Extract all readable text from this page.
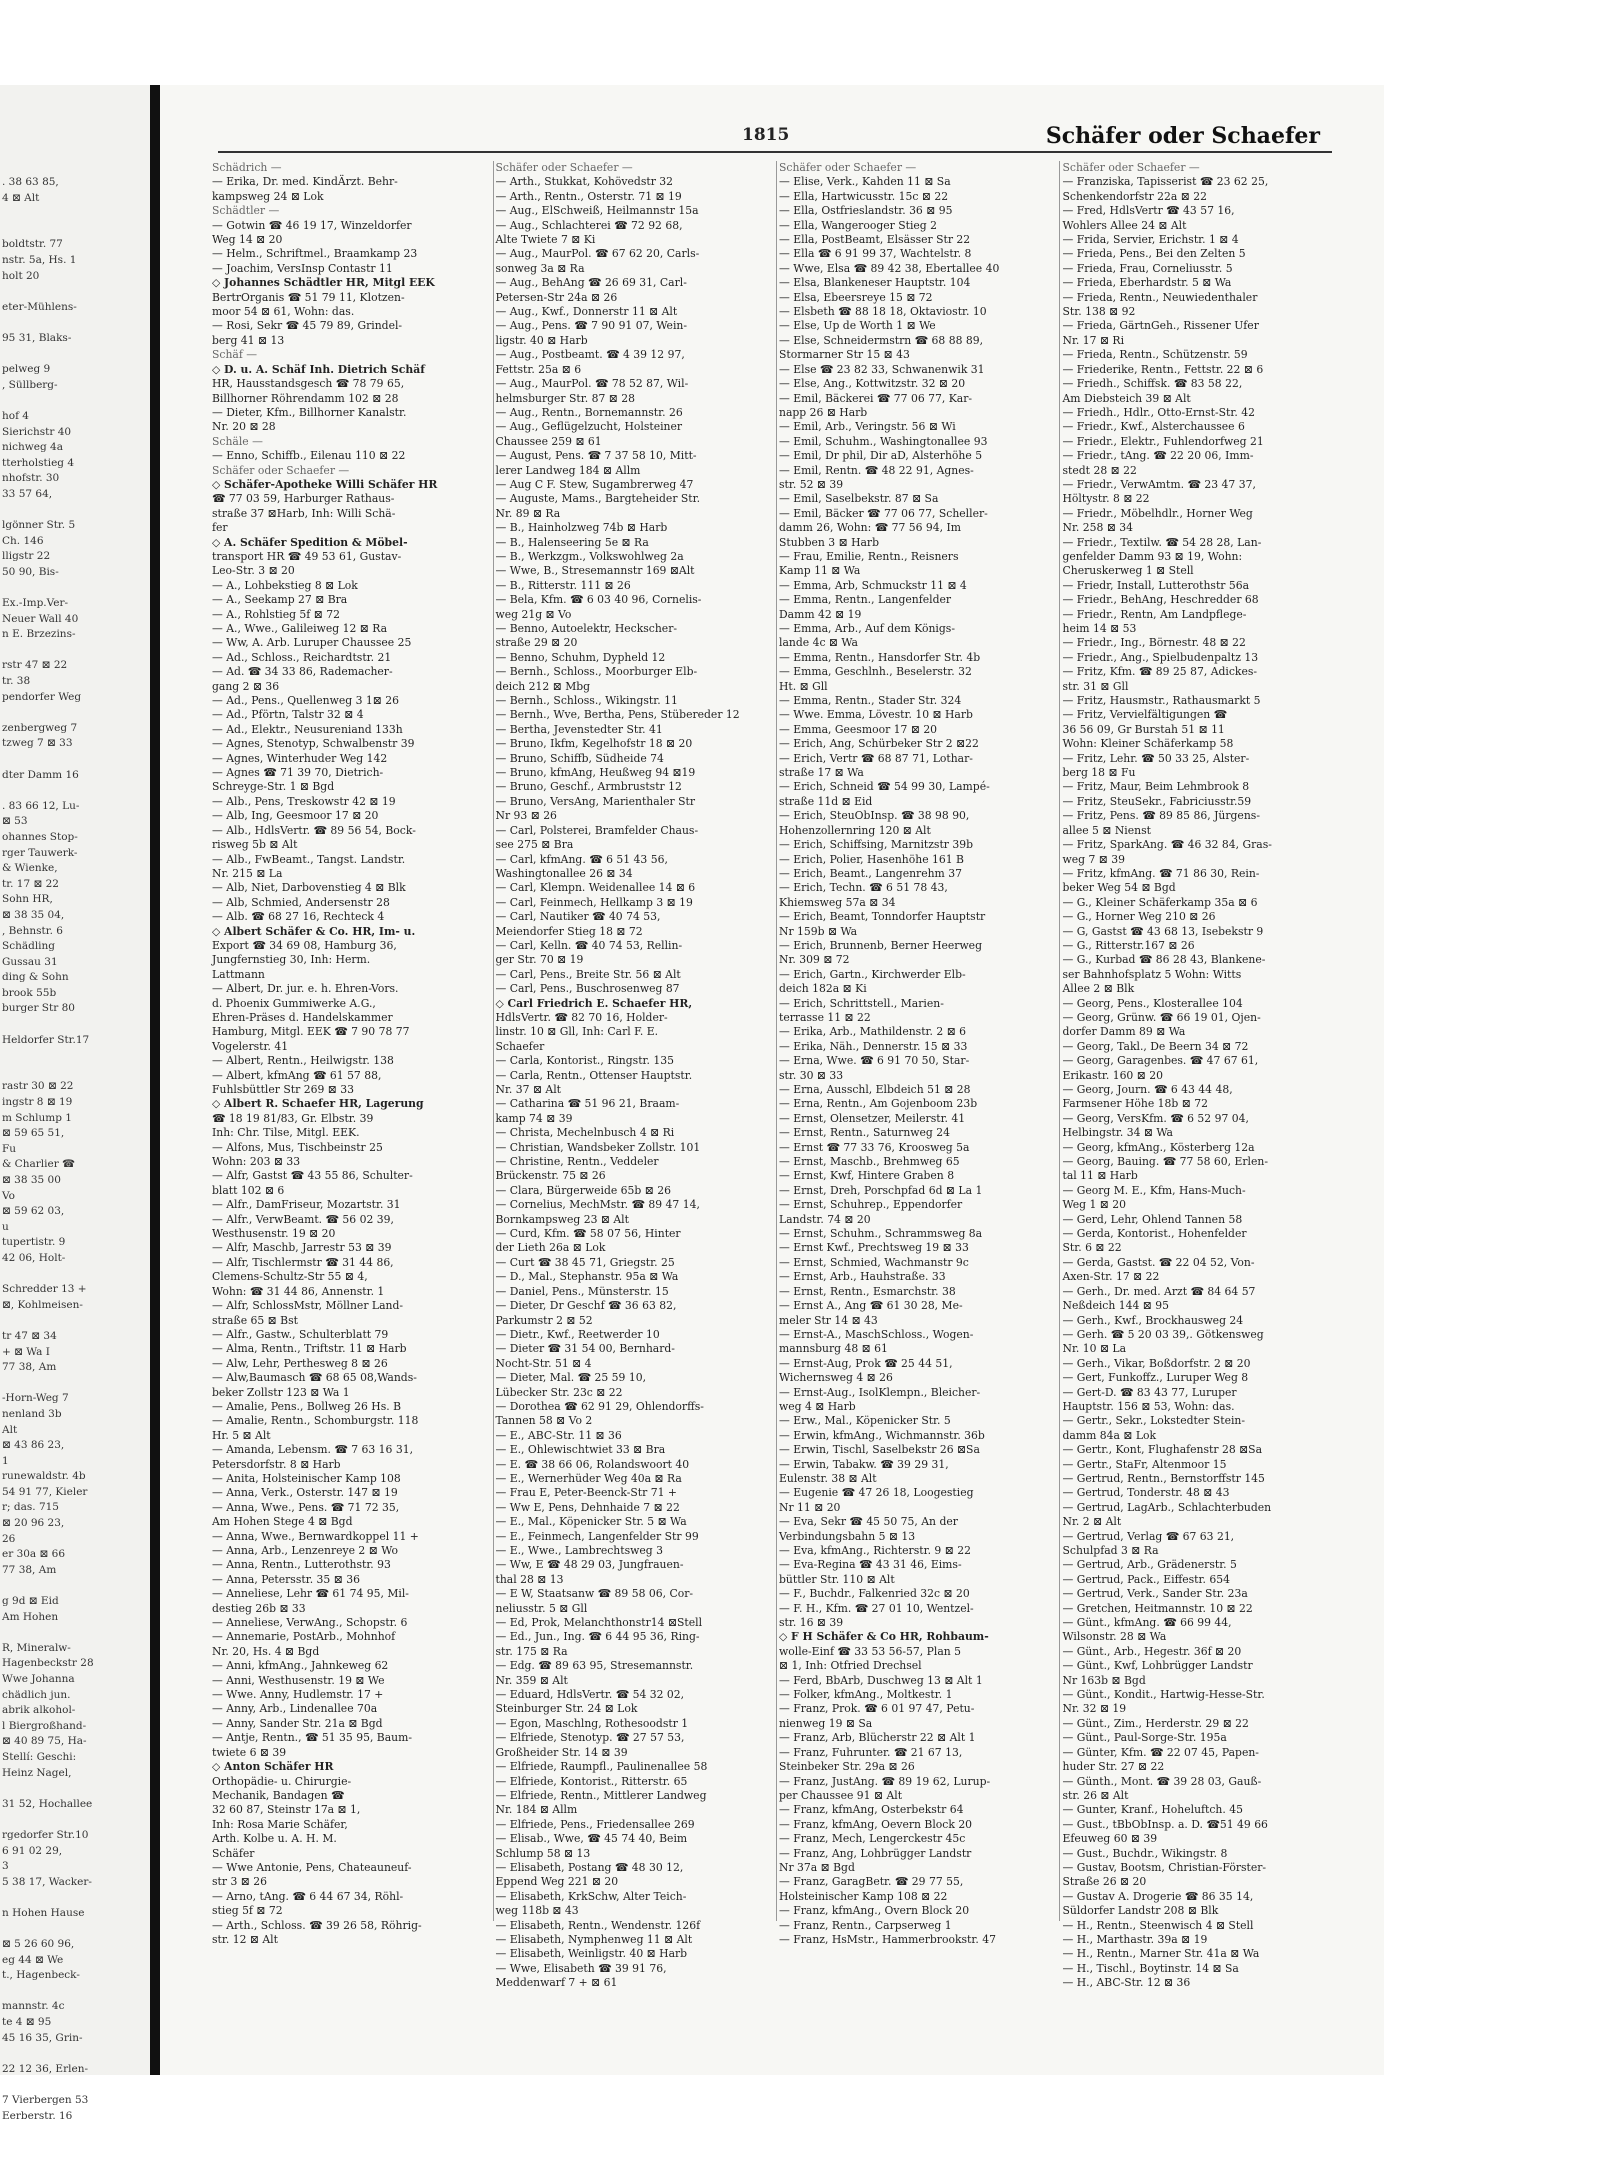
. 38 63 85,
4 ⊠ Alt
boldtstr. 77
nstr. 5a, Hs. 1
holt 20
eter-Mühlens-
95 31, Blaks-
pelweg 9
, Süllberg-
hof 4
Sierichstr 40
nichweg 4a
tterholstieg 4
nhofstr. 30
33 57 64,
lgönner Str. 5
Ch. 146
lligstr 22
50 90, Bis-
Ex.-Imp.Ver-
Neuer Wall 40
n E. Brzezins-
rstr 47 ⊠ 22
tr. 38
pendorfer Weg
zenbergweg 7
tzweg 7 ⊠ 33
dter Damm 16
. 83 66 12, Lu-
⊠ 53
ohannes Stop-
rger Tauwerk-
& Wienke,
tr. 17 ⊠ 22
Sohn HR,
⊠ 38 35 04,
, Behnstr. 6
Schädling
Gussau 31
ding & Sohn
brook 55b
burger Str 80
Heldorfer Str.17
rastr 30 ⊠ 22
ingstr 8 ⊠ 19
m Schlump 1
⊠ 59 65 51,
Fu
& Charlier ☎
⊠ 38 35 00
Vo
⊠ 59 62 03,
u
tupertistr. 9
42 06, Holt-
Schredder 13 +
⊠, Kohlmeisen-
tr 47 ⊠ 34
+ ⊠ Wa I
77 38, Am
-Horn-Weg 7
nenland 3b
Alt
⊠ 43 86 23,
1
runewaldstr. 4b
54 91 77, Kieler
r; das. 715
⊠ 20 96 23,
26
er 30a ⊠ 66
77 38, Am
g 9d ⊠ Eid
Am Hohen
R, Mineralw-
Hagenbeckstr 28
Wwe Johanna
chädlich jun.
abrik alkohol-
l Biergroßhand-
⊠ 40 89 75, Ha-
Stellí: Geschi:
Heinz Nagel,
31 52, Hochallee
rgedorfer Str.10
6 91 02 29,
3
5 38 17, Wacker-
n Hohen Hause
⊠ 5 26 60 96,
eg 44 ⊠ We
t., Hagenbeck-
mannstr. 4c
te 4 ⊠ 95
45 16 35, Grin-
22 12 36, Erlen-
7 Vierbergen 53
Eerberstr. 16
1815	Schäfer oder Schaefer
Schädrich —
— Erika, Dr. med. KindÄrzt. Behr-
kampsweg 24 ⊠ Lok
Schädtler —
— Gotwin ☎ 46 19 17, Winzeldorfer
Weg 14 ⊠ 20
— Helm., Schriftmel., Braamkamp 23
— Joachim, VersInsp Contastr 11
◇ Johannes Schädtler HR, Mitgl EEK
BertrOrganis ☎ 51 79 11, Klotzen-
moor 54 ⊠ 61, Wohn: das.
— Rosi, Sekr ☎ 45 79 89, Grindel-
berg 41 ⊠ 13
Schäf —
◇ D. u. A. Schäf Inh. Dietrich Schäf
HR, Hausstandsgesch ☎ 78 79 65,
Billhorner Röhrendamm 102 ⊠ 28
— Dieter, Kfm., Billhorner Kanalstr.
Nr. 20 ⊠ 28
Schäle —
— Enno, Schiffb., Eilenau 110 ⊠ 22
Schäfer oder Schaefer —
◇ Schäfer-Apotheke Willi Schäfer HR
☎ 77 03 59, Harburger Rathaus-
straße 37 ⊠Harb, Inh: Willi Schä-
fer
◇ A. Schäfer Spedition & Möbel-
transport HR ☎ 49 53 61, Gustav-
Leo-Str. 3 ⊠ 20
— A., Lohbekstieg 8 ⊠ Lok
— A., Seekamp 27 ⊠ Bra
— A., Rohlstieg 5f ⊠ 72
— A., Wwe., Galileiweg 12 ⊠ Ra
— Ww, A. Arb. Luruper Chaussee 25
— Ad., Schloss., Reichardtstr. 21
— Ad. ☎ 34 33 86, Rademacher-
gang 2 ⊠ 36
— Ad., Pens., Quellenweg 3 1⊠ 26
— Ad., Pförtn, Talstr 32 ⊠ 4
— Ad., Elektr., Neusureniand 133h
— Agnes, Stenotyp, Schwalbenstr 39
— Agnes, Winterhuder Weg 142
— Agnes ☎ 71 39 70, Dietrich-
Schreyge-Str. 1 ⊠ Bgd
— Alb., Pens, Treskowstr 42 ⊠ 19
— Alb, Ing, Geesmoor 17 ⊠ 20
— Alb., HdlsVertr. ☎ 89 56 54, Bock-
risweg 5b ⊠ Alt
— Alb., FwBeamt., Tangst. Landstr.
Nr. 215 ⊠ La
— Alb, Niet, Darbovenstieg 4 ⊠ Blk
— Alb, Schmied, Andersenstr 28
— Alb. ☎ 68 27 16, Rechteck 4
◇ Albert Schäfer & Co. HR, Im- u.
Export ☎ 34 69 08, Hamburg 36,
Jungfernstieg 30, Inh: Herm.
Lattmann
— Albert, Dr. jur. e. h. Ehren-Vors.
d. Phoenix Gummiwerke A.G.,
Ehren-Präses d. Handelskammer
Hamburg, Mitgl. EEK ☎ 7 90 78 77
Vogelerstr. 41
— Albert, Rentn., Heilwigstr. 138
— Albert, kfmAng ☎ 61 57 88,
Fuhlsbüttler Str 269 ⊠ 33
◇ Albert R. Schaefer HR, Lagerung
☎ 18 19 81/83, Gr. Elbstr. 39
Inh: Chr. Tilse, Mitgl. EEK.
— Alfons, Mus, Tischbeinstr 25
Wohn: 203 ⊠ 33
— Alfr, Gastst ☎ 43 55 86, Schulter-
blatt 102 ⊠ 6
— Alfr., DamFriseur, Mozartstr. 31
— Alfr., VerwBeamt. ☎ 56 02 39,
Westhusenstr. 19 ⊠ 20
— Alfr, Maschb, Jarrestr 53 ⊠ 39
— Alfr, Tischlermstr ☎ 31 44 86,
Clemens-Schultz-Str 55 ⊠ 4,
Wohn: ☎ 31 44 86, Annenstr. 1
— Alfr, SchlossMstr, Möllner Land-
straße 65 ⊠ Bst
— Alfr., Gastw., Schulterblatt 79
— Alma, Rentn., Triftstr. 11 ⊠ Harb
— Alw, Lehr, Perthesweg 8 ⊠ 26
— Alw,Baumasch ☎ 68 65 08,Wands-
beker Zollstr 123 ⊠ Wa 1
— Amalie, Pens., Bollweg 26 Hs. B
— Amalie, Rentn., Schomburgstr. 118
Hr. 5 ⊠ Alt
— Amanda, Lebensm. ☎ 7 63 16 31,
Petersdorfstr. 8 ⊠ Harb
— Anita, Holsteinischer Kamp 108
— Anna, Verk., Osterstr. 147 ⊠ 19
— Anna, Wwe., Pens. ☎ 71 72 35,
Am Hohen Stege 4 ⊠ Bgd
— Anna, Wwe., Bernwardkoppel 11 +
— Anna, Arb., Lenzenreye 2 ⊠ Wo
— Anna, Rentn., Lutterothstr. 93
— Anna, Petersstr. 35 ⊠ 36
— Anneliese, Lehr ☎ 61 74 95, Mil-
destieg 26b ⊠ 33
— Anneliese, VerwAng., Schopstr. 6
— Annemarie, PostArb., Mohnhof
Nr. 20, Hs. 4 ⊠ Bgd
— Anni, kfmAng., Jahnkeweg 62
— Anni, Westhusenstr. 19 ⊠ We
— Wwe. Anny, Hudlemstr. 17 +
— Anny, Arb., Lindenallee 70a
— Anny, Sander Str. 21a ⊠ Bgd
— Antje, Rentn., ☎ 51 35 95, Baum-
twiete 6 ⊠ 39
◇ Anton Schäfer HR
Orthopädie- u. Chirurgie-
Mechanik, Bandagen ☎
32 60 87, Steinstr 17a ⊠ 1,
Inh: Rosa Marie Schäfer,
Arth. Kolbe u. A. H. M.
Schäfer
— Wwe Antonie, Pens, Chateauneuf-
str 3 ⊠ 26
— Arno, tAng. ☎ 6 44 67 34, Röhl-
stieg 5f ⊠ 72
— Arth., Schloss. ☎ 39 26 58, Röhrig-
str. 12 ⊠ Alt
Schäfer oder Schaefer —
— Arth., Stukkat, Kohövedstr 32
— Arth., Rentn., Osterstr. 71 ⊠ 19
— Aug., ElSchweiß, Heilmannstr 15a
— Aug., Schlachterei ☎ 72 92 68,
Alte Twiete 7 ⊠ Ki
— Aug., MaurPol. ☎ 67 62 20, Carls-
sonweg 3a ⊠ Ra
— Aug., BehAng ☎ 26 69 31, Carl-
Petersen-Str 24a ⊠ 26
— Aug., Kwf., Donnerstr 11 ⊠ Alt
— Aug., Pens. ☎ 7 90 91 07, Wein-
ligstr. 40 ⊠ Harb
— Aug., Postbeamt. ☎ 4 39 12 97,
Fettstr. 25a ⊠ 6
— Aug., MaurPol. ☎ 78 52 87, Wil-
helmsburger Str. 87 ⊠ 28
— Aug., Rentn., Bornemannstr. 26
— Aug., Geflügelzucht, Holsteiner
Chaussee 259 ⊠ 61
— August, Pens. ☎ 7 37 58 10, Mitt-
lerer Landweg 184 ⊠ Allm
— Aug C F. Stew, Sugambrerweg 47
— Auguste, Mams., Bargteheider Str.
Nr. 89 ⊠ Ra
— B., Hainholzweg 74b ⊠ Harb
— B., Halenseering 5e ⊠ Ra
— B., Werkzgm., Volkswohlweg 2a
— Wwe, B., Stresemannstr 169 ⊠Alt
— B., Ritterstr. 111 ⊠ 26
— Bela, Kfm. ☎ 6 03 40 96, Cornelis-
weg 21g ⊠ Vo
— Benno, Autoelektr, Heckscher-
straße 29 ⊠ 20
— Benno, Schuhm, Dypheld 12
— Bernh., Schloss., Moorburger Elb-
deich 212 ⊠ Mbg
— Bernh., Schloss., Wikingstr. 11
— Bernh., Wve, Bertha, Pens, Stübereder 12
— Bertha, Jevenstedter Str. 41
— Bruno, Ikfm, Kegelhofstr 18 ⊠ 20
— Bruno, Schiffb, Südheide 74
— Bruno, kfmAng, Heußweg 94 ⊠19
— Bruno, Geschf., Armbruststr 12
— Bruno, VersAng, Marienthaler Str
Nr 93 ⊠ 26
— Carl, Polsterei, Bramfelder Chaus-
see 275 ⊠ Bra
— Carl, kfmAng. ☎ 6 51 43 56,
Washingtonallee 26 ⊠ 34
— Carl, Klempn. Weidenallee 14 ⊠ 6
— Carl, Feinmech, Hellkamp 3 ⊠ 19
— Carl, Nautiker ☎ 40 74 53,
Meiendorfer Stieg 18 ⊠ 72
— Carl, Kelln. ☎ 40 74 53, Rellin-
ger Str. 70 ⊠ 19
— Carl, Pens., Breite Str. 56 ⊠ Alt
— Carl, Pens., Buschrosenweg 87
◇ Carl Friedrich E. Schaefer HR,
HdlsVertr. ☎ 82 70 16, Holder-
linstr. 10 ⊠ Gll, Inh: Carl F. E.
Schaefer
— Carla, Kontorist., Ringstr. 135
— Carla, Rentn., Ottenser Hauptstr.
Nr. 37 ⊠ Alt
— Catharina ☎ 51 96 21, Braam-
kamp 74 ⊠ 39
— Christa, Mechelnbusch 4 ⊠ Ri
— Christian, Wandsbeker Zollstr. 101
— Christine, Rentn., Veddeler
Brückenstr. 75 ⊠ 26
— Clara, Bürgerweide 65b ⊠ 26
— Cornelius, MechMstr. ☎ 89 47 14,
Bornkampsweg 23 ⊠ Alt
— Curd, Kfm. ☎ 58 07 56, Hinter
der Lieth 26a ⊠ Lok
— Curt ☎ 38 45 71, Griegstr. 25
— D., Mal., Stephanstr. 95a ⊠ Wa
— Daniel, Pens., Münsterstr. 15
— Dieter, Dr Geschf ☎ 36 63 82,
Parkumstr 2 ⊠ 52
— Dietr., Kwf., Reetwerder 10
— Dieter ☎ 31 54 00, Bernhard-
Nocht-Str. 51 ⊠ 4
— Dieter, Mal. ☎ 25 59 10,
Lübecker Str. 23c ⊠ 22
— Dorothea ☎ 62 91 29, Ohlendorffs-
Tannen 58 ⊠ Vo 2
— E., ABC-Str. 11 ⊠ 36
— E., Ohlewischtwiet 33 ⊠ Bra
— E. ☎ 38 66 06, Rolandswoort 40
— E., Wernerhüder Weg 40a ⊠ Ra
— Frau E, Peter-Beenck-Str 71 +
— Ww E, Pens, Dehnhaide 7 ⊠ 22
— E., Mal., Köpenicker Str. 5 ⊠ Wa
— E., Feinmech, Langenfelder Str 99
— E., Wwe., Lambrechtsweg 3
— Ww, E ☎ 48 29 03, Jungfrauen-
thal 28 ⊠ 13
— E W, Staatsanw ☎ 89 58 06, Cor-
neliusstr. 5 ⊠ Gll
— Ed, Prok, Melanchthonstr14 ⊠Stell
— Ed., Jun., Ing. ☎ 6 44 95 36, Ring-
str. 175 ⊠ Ra
— Edg. ☎ 89 63 95, Stresemannstr.
Nr. 359 ⊠ Alt
— Eduard, HdlsVertr. ☎ 54 32 02,
Steinburger Str. 24 ⊠ Lok
— Egon, Maschlng, Rothesoodstr 1
— Elfriede, Stenotyp. ☎ 27 57 53,
Großheider Str. 14 ⊠ 39
— Elfriede, Raumpfl., Paulinenallee 58
— Elfriede, Kontorist., Ritterstr. 65
— Elfriede, Rentn., Mittlerer Landweg
Nr. 184 ⊠ Allm
— Elfriede, Pens., Friedensallee 269
— Elisab., Wwe, ☎ 45 74 40, Beim
Schlump 58 ⊠ 13
— Elisabeth, Postang ☎ 48 30 12,
Eppend Weg 221 ⊠ 20
— Elisabeth, KrkSchw, Alter Teich-
weg 118b ⊠ 43
— Elisabeth, Rentn., Wendenstr. 126f
— Elisabeth, Nymphenweg 11 ⊠ Alt
— Elisabeth, Weinligstr. 40 ⊠ Harb
— Wwe, Elisabeth ☎ 39 91 76,
Meddenwarf 7 + ⊠ 61
Schäfer oder Schaefer —
— Elise, Verk., Kahden 11 ⊠ Sa
— Ella, Hartwicusstr. 15c ⊠ 22
— Ella, Ostfrieslandstr. 36 ⊠ 95
— Ella, Wangerooger Stieg 2
— Ella, PostBeamt, Elsässer Str 22
— Ella ☎ 6 91 99 37, Wachtelstr. 8
— Wwe, Elsa ☎ 89 42 38, Ebertallee 40
— Elsa, Blankeneser Hauptstr. 104
— Elsa, Ebeersreye 15 ⊠ 72
— Elsbeth ☎ 88 18 18, Oktaviostr. 10
— Else, Up de Worth 1 ⊠ We
— Else, Schneidermstrn ☎ 68 88 89,
Stormarner Str 15 ⊠ 43
— Else ☎ 23 82 33, Schwanenwik 31
— Else, Ang., Kottwitzstr. 32 ⊠ 20
— Emil, Bäckerei ☎ 77 06 77, Kar-
napp 26 ⊠ Harb
— Emil, Arb., Veringstr. 56 ⊠ Wi
— Emil, Schuhm., Washingtonallee 93
— Emil, Dr phil, Dir aD, Alsterhöhe 5
— Emil, Rentn. ☎ 48 22 91, Agnes-
str. 52 ⊠ 39
— Emil, Saselbekstr. 87 ⊠ Sa
— Emil, Bäcker ☎ 77 06 77, Scheller-
damm 26, Wohn: ☎ 77 56 94, Im
Stubben 3 ⊠ Harb
— Frau, Emilie, Rentn., Reisners
Kamp 11 ⊠ Wa
— Emma, Arb, Schmuckstr 11 ⊠ 4
— Emma, Rentn., Langenfelder
Damm 42 ⊠ 19
— Emma, Arb., Auf dem Königs-
lande 4c ⊠ Wa
— Emma, Rentn., Hansdorfer Str. 4b
— Emma, Geschlnh., Beselerstr. 32
Ht. ⊠ Gll
— Emma, Rentn., Stader Str. 324
— Wwe. Emma, Lövestr. 10 ⊠ Harb
— Emma, Geesmoor 17 ⊠ 20
— Erich, Ang, Schürbeker Str 2 ⊠22
— Erich, Vertr ☎ 68 87 71, Lothar-
straße 17 ⊠ Wa
— Erich, Schneid ☎ 54 99 30, Lampé-
straße 11d ⊠ Eid
— Erich, SteuObInsp. ☎ 38 98 90,
Hohenzollernring 120 ⊠ Alt
— Erich, Schiffsing, Marnitzstr 39b
— Erich, Polier, Hasenhöhe 161 B
— Erich, Beamt., Langenrehm 37
— Erich, Techn. ☎ 6 51 78 43,
Khiemsweg 57a ⊠ 34
— Erich, Beamt, Tonndorfer Hauptstr
Nr 159b ⊠ Wa
— Erich, Brunnenb, Berner Heerweg
Nr. 309 ⊠ 72
— Erich, Gartn., Kirchwerder Elb-
deich 182a ⊠ Ki
— Erich, Schrittstell., Marien-
terrasse 11 ⊠ 22
— Erika, Arb., Mathildenstr. 2 ⊠ 6
— Erika, Näh., Dennerstr. 15 ⊠ 33
— Erna, Wwe. ☎ 6 91 70 50, Star-
str. 30 ⊠ 33
— Erna, Ausschl, Elbdeich 51 ⊠ 28
— Erna, Rentn., Am Gojenboom 23b
— Ernst, Olensetzer, Meilerstr. 41
— Ernst, Rentn., Saturnweg 24
— Ernst ☎ 77 33 76, Kroosweg 5a
— Ernst, Maschb., Brehmweg 65
— Ernst, Kwf, Hintere Graben 8
— Ernst, Dreh, Porschpfad 6d ⊠ La 1
— Ernst, Schuhrep., Eppendorfer
Landstr. 74 ⊠ 20
— Ernst, Schuhm., Schrammsweg 8a
— Ernst Kwf., Prechtsweg 19 ⊠ 33
— Ernst, Schmied, Wachmanstr 9c
— Ernst, Arb., Hauhstraße. 33
— Ernst, Rentn., Esmarchstr. 38
— Ernst A., Ang ☎ 61 30 28, Me-
meler Str 14 ⊠ 43
— Ernst-A., MaschSchloss., Wogen-
mannsburg 48 ⊠ 61
— Ernst-Aug, Prok ☎ 25 44 51,
Wichernsweg 4 ⊠ 26
— Ernst-Aug., IsolKlempn., Bleicher-
weg 4 ⊠ Harb
— Erw., Mal., Köpenicker Str. 5
— Erwin, kfmAng., Wichmannstr. 36b
— Erwin, Tischl, Saselbekstr 26 ⊠Sa
— Erwin, Tabakw. ☎ 39 29 31,
Eulenstr. 38 ⊠ Alt
— Eugenie ☎ 47 26 18, Loogestieg
Nr 11 ⊠ 20
— Eva, Sekr ☎ 45 50 75, An der
Verbindungsbahn 5 ⊠ 13
— Eva, kfmAng., Richterstr. 9 ⊠ 22
— Eva-Regina ☎ 43 31 46, Eims-
büttler Str. 110 ⊠ Alt
— F., Buchdr., Falkenried 32c ⊠ 20
— F. H., Kfm. ☎ 27 01 10, Wentzel-
str. 16 ⊠ 39
◇ F H Schäfer & Co HR, Rohbaum-
wolle-Einf ☎ 33 53 56-57, Plan 5
⊠ 1, Inh: Otfried Drechsel
— Ferd, BbArb, Duschweg 13 ⊠ Alt 1
— Folker, kfmAng., Moltkestr. 1
— Franz, Prok. ☎ 6 01 97 47, Petu-
nienweg 19 ⊠ Sa
— Franz, Arb, Blücherstr 22 ⊠ Alt 1
— Franz, Fuhrunter. ☎ 21 67 13,
Steinbeker Str. 29a ⊠ 26
— Franz, JustAng. ☎ 89 19 62, Lurup-
per Chaussee 91 ⊠ Alt
— Franz, kfmAng, Osterbekstr 64
— Franz, kfmAng, Oevern Block 20
— Franz, Mech, Lengerckestr 45c
— Franz, Ang, Lohbrügger Landstr
Nr 37a ⊠ Bgd
— Franz, GaragBetr. ☎ 29 77 55,
Holsteinischer Kamp 108 ⊠ 22
— Franz, kfmAng., Overn Block 20
— Franz, Rentn., Carpserweg 1
— Franz, HsMstr., Hammerbrookstr. 47
Schäfer oder Schaefer —
— Franziska, Tapisserist ☎ 23 62 25,
Schenkendorfstr 22a ⊠ 22
— Fred, HdlsVertr ☎ 43 57 16,
Wohlers Allee 24 ⊠ Alt
— Frida, Servier, Erichstr. 1 ⊠ 4
— Frieda, Pens., Bei den Zelten 5
— Frieda, Frau, Corneliusstr. 5
— Frieda, Eberhardstr. 5 ⊠ Wa
— Frieda, Rentn., Neuwiedenthaler
Str. 138 ⊠ 92
— Frieda, GärtnGeh., Rissener Ufer
Nr. 17 ⊠ Ri
— Frieda, Rentn., Schützenstr. 59
— Friederike, Rentn., Fettstr. 22 ⊠ 6
— Friedh., Schiffsk. ☎ 83 58 22,
Am Diebsteich 39 ⊠ Alt
— Friedh., Hdlr., Otto-Ernst-Str. 42
— Friedr., Kwf., Alsterchaussee 6
— Friedr., Elektr., Fuhlendorfweg 21
— Friedr., tAng. ☎ 22 20 06, Imm-
stedt 28 ⊠ 22
— Friedr., VerwAmtm. ☎ 23 47 37,
Höltystr. 8 ⊠ 22
— Friedr., Möbelhdlr., Horner Weg
Nr. 258 ⊠ 34
— Friedr., Textilw. ☎ 54 28 28, Lan-
genfelder Damm 93 ⊠ 19, Wohn:
Cheruskerweg 1 ⊠ Stell
— Friedr, Install, Lutterothstr 56a
— Friedr., BehAng, Heschredder 68
— Friedr., Rentn, Am Landpflege-
heim 14 ⊠ 53
— Friedr., Ing., Börnestr. 48 ⊠ 22
— Friedr., Ang., Spielbudenpaltz 13
— Fritz, Kfm. ☎ 89 25 87, Adickes-
str. 31 ⊠ Gll
— Fritz, Hausmstr., Rathausmarkt 5
— Fritz, Vervielfältigungen ☎
36 56 09, Gr Burstah 51 ⊠ 11
Wohn: Kleiner Schäferkamp 58
— Fritz, Lehr. ☎ 50 33 25, Alster-
berg 18 ⊠ Fu
— Fritz, Maur, Beim Lehmbrook 8
— Fritz, SteuSekr., Fabriciusstr.59
— Fritz, Pens. ☎ 89 85 86, Jürgens-
allee 5 ⊠ Nienst
— Fritz, SparkAng. ☎ 46 32 84, Gras-
weg 7 ⊠ 39
— Fritz, kfmAng. ☎ 71 86 30, Rein-
beker Weg 54 ⊠ Bgd
— G., Kleiner Schäferkamp 35a ⊠ 6
— G., Horner Weg 210 ⊠ 26
— G, Gastst ☎ 43 68 13, Isebekstr 9
— G., Ritterstr.167 ⊠ 26
— G., Kurbad ☎ 86 28 43, Blankene-
ser Bahnhofsplatz 5 Wohn: Witts
Allee 2 ⊠ Blk
— Georg, Pens., Klosterallee 104
— Georg, Grünw. ☎ 66 19 01, Ojen-
dorfer Damm 89 ⊠ Wa
— Georg, Takl., De Beern 34 ⊠ 72
— Georg, Garagenbes. ☎ 47 67 61,
Erikastr. 160 ⊠ 20
— Georg, Journ. ☎ 6 43 44 48,
Farmsener Höhe 18b ⊠ 72
— Georg, VersKfm. ☎ 6 52 97 04,
Helbingstr. 34 ⊠ Wa
— Georg, kfmAng., Kösterberg 12a
— Georg, Bauing. ☎ 77 58 60, Erlen-
tal 11 ⊠ Harb
— Georg M. E., Kfm, Hans-Much-
Weg 1 ⊠ 20
— Gerd, Lehr, Ohlend Tannen 58
— Gerda, Kontorist., Hohenfelder
Str. 6 ⊠ 22
— Gerda, Gastst. ☎ 22 04 52, Von-
Axen-Str. 17 ⊠ 22
— Gerh., Dr. med. Arzt ☎ 84 64 57
Neßdeich 144 ⊠ 95
— Gerh., Kwf., Brockhausweg 24
— Gerh. ☎ 5 20 03 39,. Götkensweg
Nr. 10 ⊠ La
— Gerh., Vikar, Boßdorfstr. 2 ⊠ 20
— Gert, Funkoffz., Luruper Weg 8
— Gert-D. ☎ 83 43 77, Luruper
Hauptstr. 156 ⊠ 53, Wohn: das.
— Gertr., Sekr., Lokstedter Stein-
damm 84a ⊠ Lok
— Gertr., Kont, Flughafenstr 28 ⊠Sa
— Gertr., StaFr, Altenmoor 15
— Gertrud, Rentn., Bernstorffstr 145
— Gertrud, Tonderstr. 48 ⊠ 43
— Gertrud, LagArb., Schlachterbuden
Nr. 2 ⊠ Alt
— Gertrud, Verlag ☎ 67 63 21,
Schulpfad 3 ⊠ Ra
— Gertrud, Arb., Grädenerstr. 5
— Gertrud, Pack., Eiffestr. 654
— Gertrud, Verk., Sander Str. 23a
— Gretchen, Heitmannstr. 10 ⊠ 22
— Günt., kfmAng. ☎ 66 99 44,
Wilsonstr. 28 ⊠ Wa
— Günt., Arb., Hegestr. 36f ⊠ 20
— Günt., Kwf, Lohbrügger Landstr
Nr 163b ⊠ Bgd
— Günt., Kondit., Hartwig-Hesse-Str.
Nr. 32 ⊠ 19
— Günt., Zim., Herderstr. 29 ⊠ 22
— Günt., Paul-Sorge-Str. 195a
— Günter, Kfm. ☎ 22 07 45, Papen-
huder Str. 27 ⊠ 22
— Günth., Mont. ☎ 39 28 03, Gauß-
str. 26 ⊠ Alt
— Gunter, Kranf., Hoheluftch. 45
— Gust., tBbObInsp. a. D. ☎51 49 66
Efeuweg 60 ⊠ 39
— Gust., Buchdr., Wikingstr. 8
— Gustav, Bootsm, Christian-Förster-
Straße 26 ⊠ 20
— Gustav A. Drogerie ☎ 86 35 14,
Süldorfer Landstr 208 ⊠ Blk
— H., Rentn., Steenwisch 4 ⊠ Stell
— H., Marthastr. 39a ⊠ 19
— H., Rentn., Marner Str. 41a ⊠ Wa
— H., Tischl., Boytinstr. 14 ⊠ Sa
— H., ABC-Str. 12 ⊠ 36
